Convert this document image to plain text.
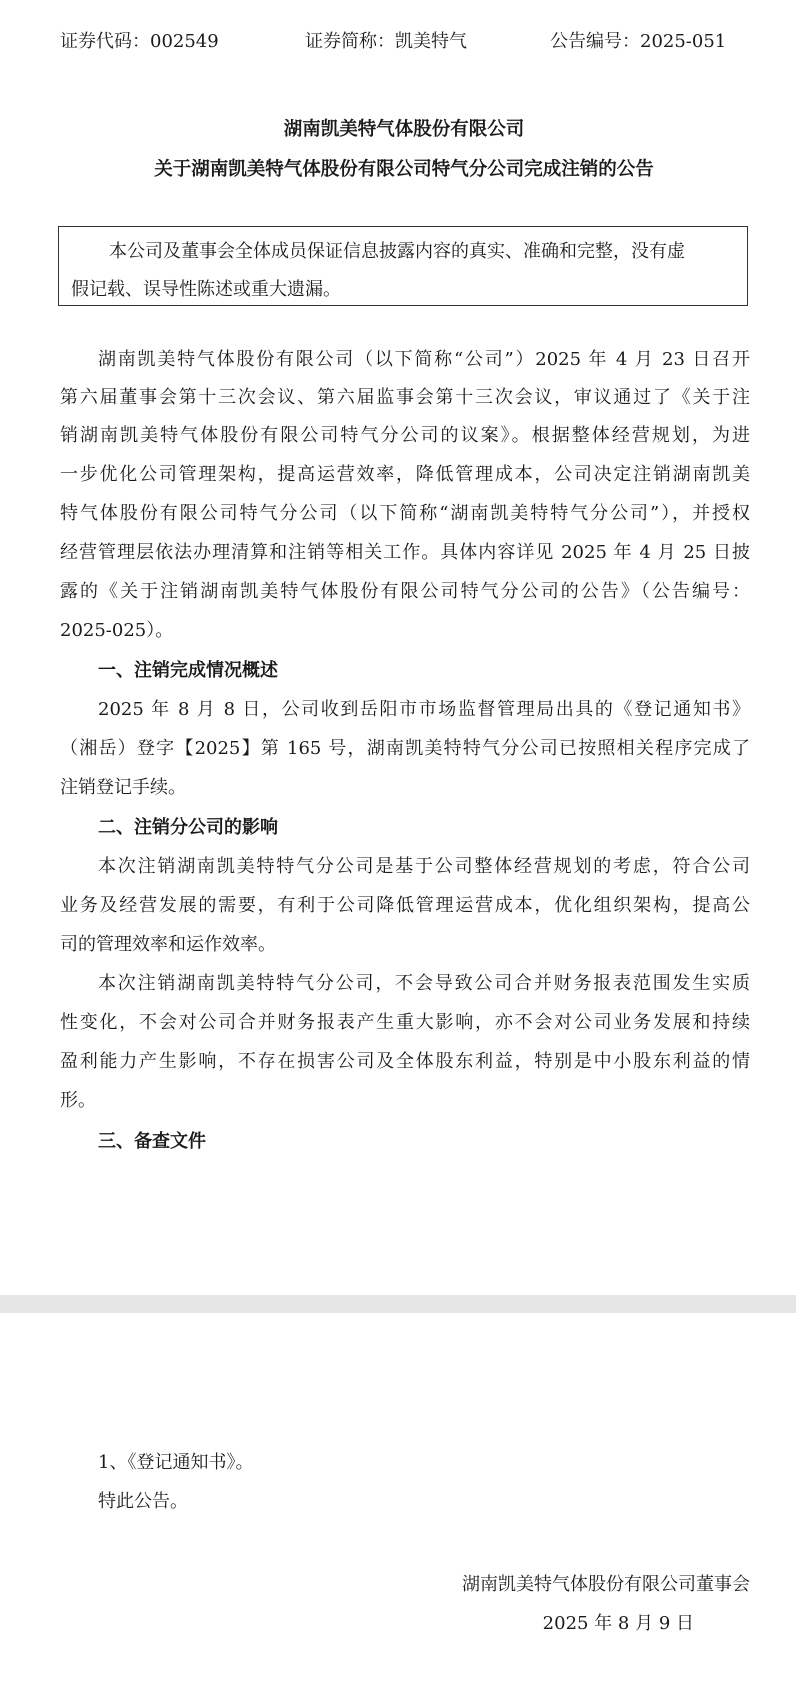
证券代码：002549	证券简称：凯美特气	公告编号：2025-051
湖南凯美特气体股份有限公司
关于湖南凯美特气体股份有限公司特气分公司完成注销的公告
本公司及董事会全体成员保证信息披露内容的真实、准确和完整，没有虚
假记载、误导性陈述或重大遗漏。
湖南凯美特气体股份有限公司（以下简称“公司”）2025 年 4 月 23 日召开
第六届董事会第十三次会议、第六届监事会第十三次会议，审议通过了《关于注
销湖南凯美特气体股份有限公司特气分公司的议案》。根据整体经营规划，为进
一步优化公司管理架构，提高运营效率，降低管理成本，公司决定注销湖南凯美
特气体股份有限公司特气分公司（以下简称“湖南凯美特特气分公司”），并授权
经营管理层依法办理清算和注销等相关工作。具体内容详见 2025 年 4 月 25 日披
露的《关于注销湖南凯美特气体股份有限公司特气分公司的公告》（公告编号：
2025-025）。
一、注销完成情况概述
2025 年 8 月 8 日，公司收到岳阳市市场监督管理局出具的《登记通知书》
（湘岳）登字【2025】第 165 号，湖南凯美特特气分公司已按照相关程序完成了
注销登记手续。
二、注销分公司的影响
本次注销湖南凯美特特气分公司是基于公司整体经营规划的考虑，符合公司
业务及经营发展的需要，有利于公司降低管理运营成本，优化组织架构，提高公
司的管理效率和运作效率。
本次注销湖南凯美特特气分公司，不会导致公司合并财务报表范围发生实质
性变化，不会对公司合并财务报表产生重大影响，亦不会对公司业务发展和持续
盈利能力产生影响，不存在损害公司及全体股东利益，特别是中小股东利益的情
形。
三、备查文件
1、《登记通知书》。
特此公告。
湖南凯美特气体股份有限公司董事会
2025 年 8 月 9 日
